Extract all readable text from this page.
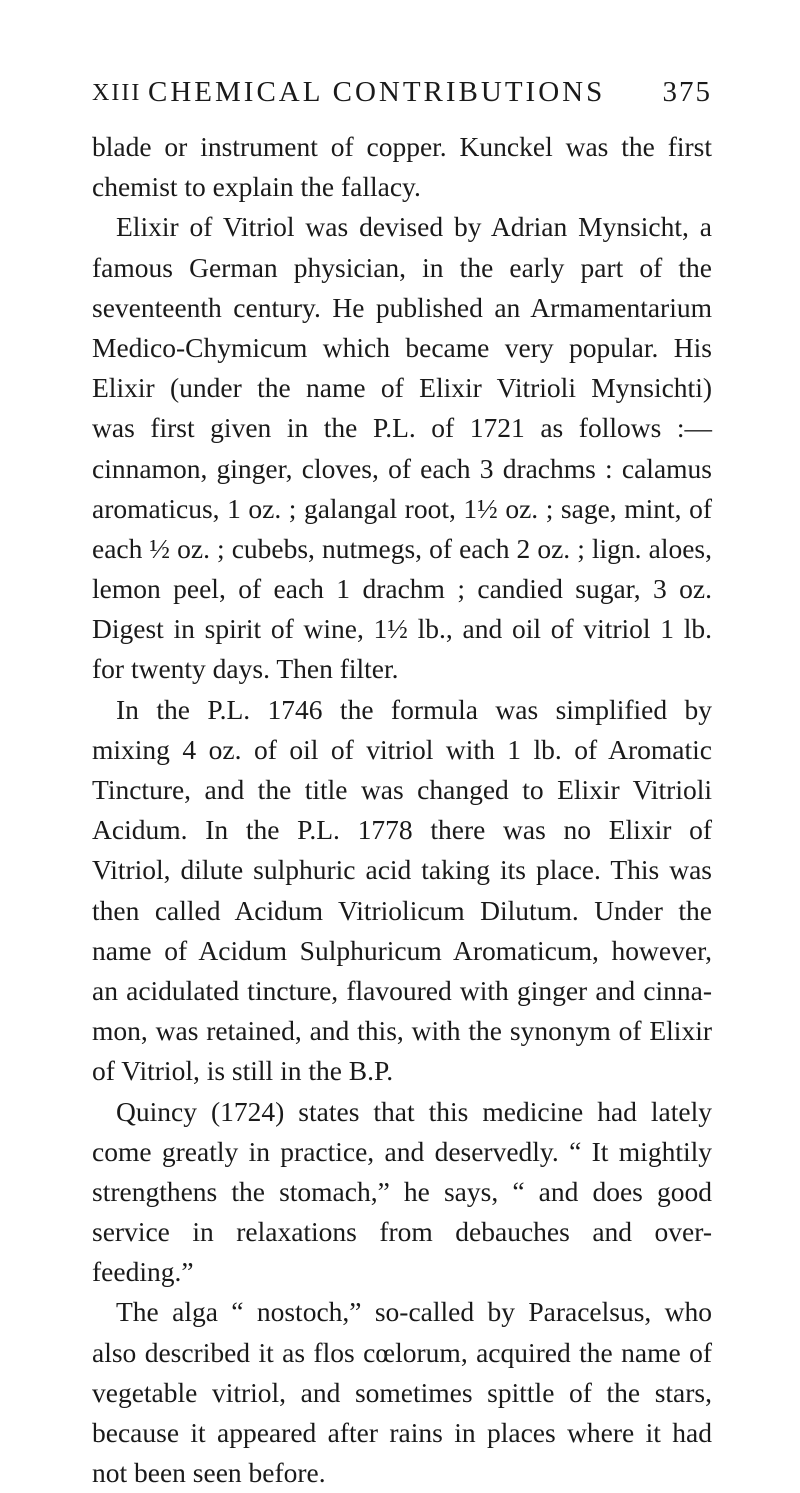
XIII CHEMICAL CONTRIBUTIONS 375
blade or instrument of copper. Kunckel was the first
chemist to explain the fallacy.
Elixir of Vitriol was devised by Adrian Mynsicht, a
famous German physician, in the early part of the
seventeenth century. He published an Armamentarium
Medico-Chymicum which became very popular. His
Elixir (under the name of Elixir Vitrioli Mynsichti)
was first given in the P.L. of 1721 as follows :—
cinnamon, ginger, cloves, of each 3 drachms : calamus
aromaticus, 1 oz. ; galangal root, 1½ oz. ; sage, mint, of
each ½ oz. ; cubebs, nutmegs, of each 2 oz. ; lign. aloes,
lemon peel, of each 1 drachm ; candied sugar, 3 oz.
Digest in spirit of wine, 1½ lb., and oil of vitriol 1 lb.
for twenty days. Then filter.
In the P.L. 1746 the formula was simplified by
mixing 4 oz. of oil of vitriol with 1 lb. of Aromatic
Tincture, and the title was changed to Elixir Vitrioli
Acidum. In the P.L. 1778 there was no Elixir of
Vitriol, dilute sulphuric acid taking its place. This was
then called Acidum Vitriolicum Dilutum. Under the
name of Acidum Sulphuricum Aromaticum, however,
an acidulated tincture, flavoured with ginger and cinna-
mon, was retained, and this, with the synonym of Elixir
of Vitriol, is still in the B.P.
Quincy (1724) states that this medicine had lately
come greatly in practice, and deservedly. “ It mightily
strengthens the stomach,” he says, “ and does good
service in relaxations from debauches and over-
feeding.”
The alga “ nostoch,” so-called by Paracelsus, who
also described it as flos cœlorum, acquired the name of
vegetable vitriol, and sometimes spittle of the stars,
because it appeared after rains in places where it had
not been seen before.
